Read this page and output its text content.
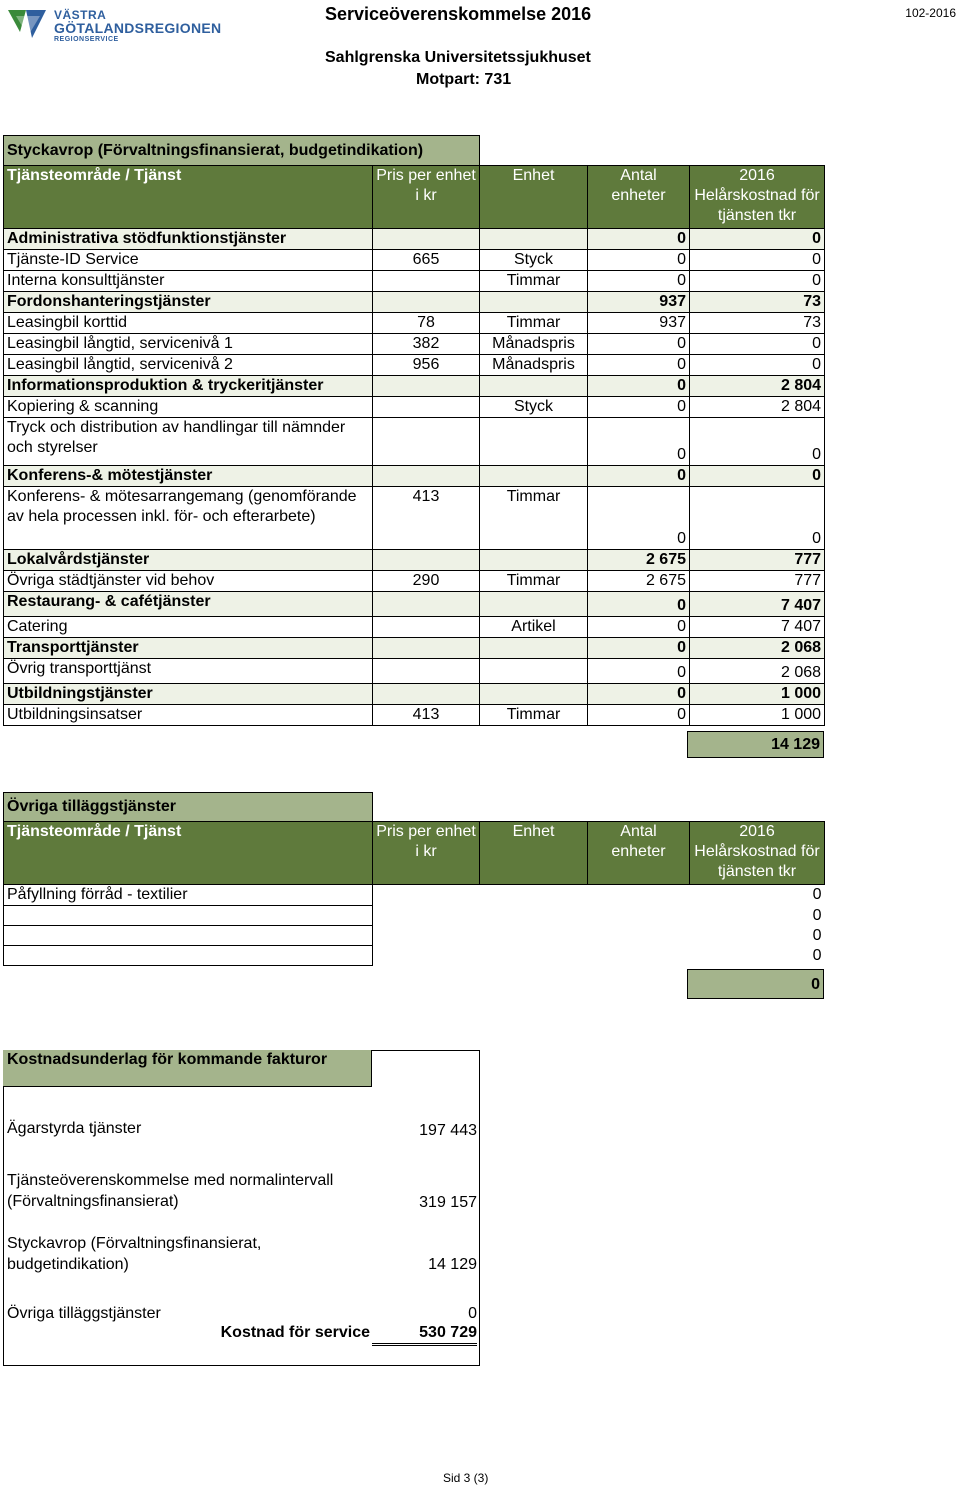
VÄSTRA
GÖTALANDSREGIONEN
REGIONSERVICE
Serviceöverenskommelse 2016	102-2016
Sahlgrenska Universitetssjukhuset
Motpart: 731
Styckavrop (Förvaltningsfinansierat, budgetindikation)				
Tjänsteområde / Tjänst	Pris per enhet i kr	Enhet	Antal enheter	2016 Helårskostnad för tjänsten tkr
Administrativa stödfunktionstjänster			0	0
Tjänste-ID Service	665	Styck	0	0
Interna konsulttjänster		Timmar	0	0
Fordonshanteringstjänster			937	73
Leasingbil korttid	78	Timmar	937	73
Leasingbil långtid, servicenivå 1	382	Månadspris	0	0
Leasingbil långtid, servicenivå 2	956	Månadspris	0	0
Informationsproduktion & tryckeritjänster			0	2 804
Kopiering & scanning		Styck	0	2 804
Tryck och distribution av handlingar till nämnder och styrelser			0	0
Konferens-& mötestjänster			0	0
Konferens- & mötesarrangemang (genomförande av hela processen inkl. för- och efterarbete)	413	Timmar	0	0
Lokalvårdstjänster			2 675	777
Övriga städtjänster vid behov	290	Timmar	2 675	777
Restaurang- & cafétjänster			0	7 407
Catering		Artikel	0	7 407
Transporttjänster			0	2 068
Övrig transporttjänst			0	2 068
Utbildningstjänster			0	1 000
Utbildningsinsatser	413	Timmar	0	1 000
14 129
Övriga tilläggstjänster				
Tjänsteområde / Tjänst	Pris per enhet i kr	Enhet	Antal enheter	2016 Helårskostnad för tjänsten tkr
Påfyllning förråd - textilier				0
				0
				0
				0
0
Kostnadsunderlag för kommande fakturor
Ägarstyrda tjänster	197 443
Tjänsteöverenskommelse med normalintervall (Förvaltningsfinansierat)	319 157
Styckavrop (Förvaltningsfinansierat, budgetindikation)	14 129
Övriga tilläggstjänster	0
Kostnad för service	530 729
Sid 3 (3)
